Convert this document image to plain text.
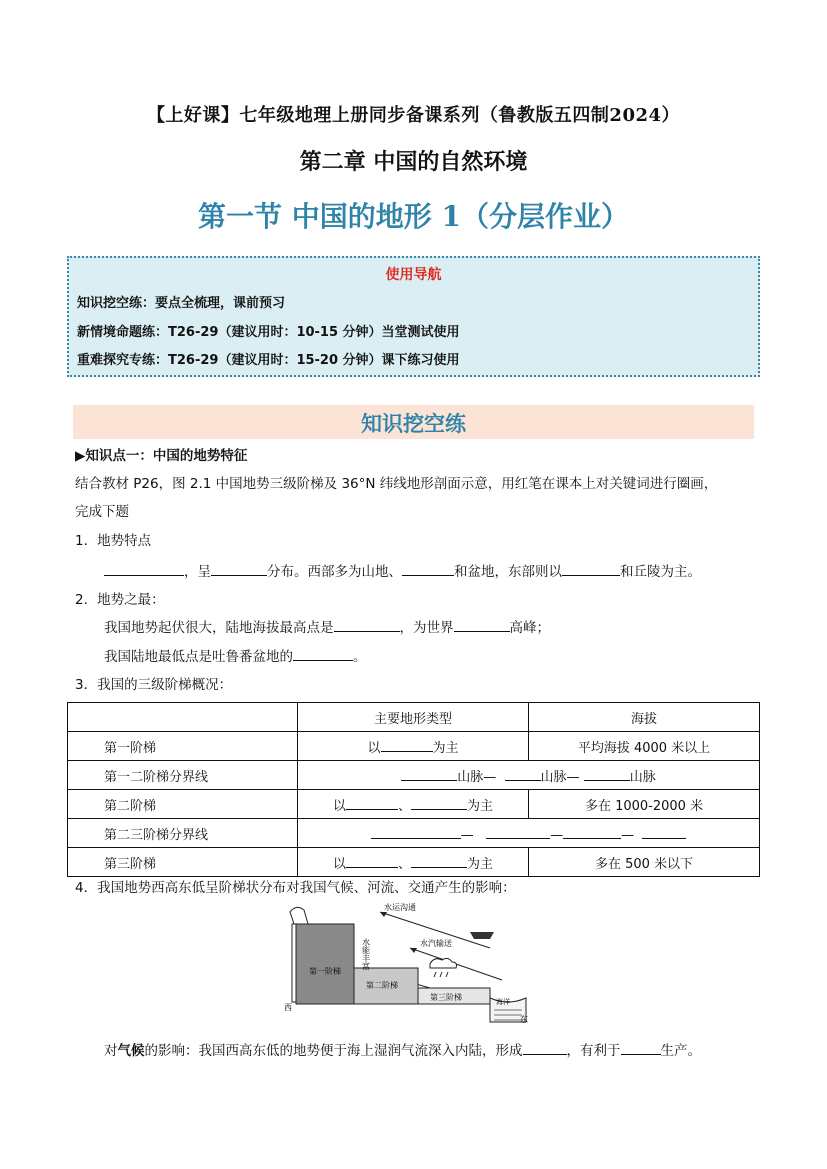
【上好课】七年级地理上册同步备课系列（鲁教版五四制2024）
第二章 中国的自然环境
第一节 中国的地形 1（分层作业）
使用导航
知识挖空练：要点全梳理，课前预习
新情境命题练：T26-29（建议用时：10-15 分钟）当堂测试使用
重难探究专练：T26-29（建议用时：15-20 分钟）课下练习使用
知识挖空练
▶知识点一：中国的地势特征
结合教材 P26，图 2.1 中国地势三级阶梯及 36°N 纬线地形剖面示意，用红笔在课本上对关键词进行圈画，
完成下题
1．地势特点
，呈	分布。西部多为山地、	和盆地，东部则以	和丘陵为主。
2．地势之最：
我国地势起伏很大，陆地海拔最高点是	，为世界	高峰；
我国陆地最低点是吐鲁番盆地的	。
3．我国的三级阶梯概况：
	主要地形类型	海拔
第一阶梯	以 为主	平均海拔 4000 米以上
第一二阶梯分界线	山脉— 山脉— 山脉	
第二阶梯	以 、 为主	多在 1000-2000 米
第二三阶梯分界线	— — —	
第三阶梯	以 、 为主	多在 500 米以下
4．我国地势西高东低呈阶梯状分布对我国气候、河流、交通产生的影响：
第一阶梯
第二阶梯
第三阶梯	海洋
西
东
水能丰富
水运沟通
水汽输送
对气候的影响：我国西高东低的地势便于海上湿润气流深入内陆，形成	，有利于	生产。
